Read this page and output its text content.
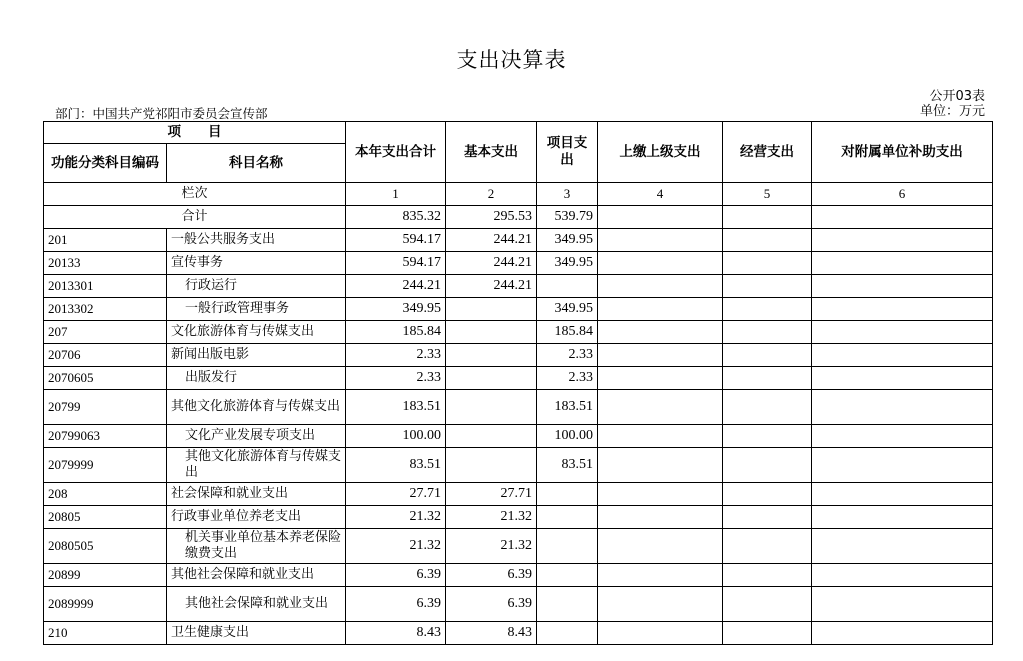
支出决算表
公开03表
单位：万元
部门：中国共产党祁阳市委员会宣传部
项　　目		本年支出合计	基本支出	项目支出	上缴上级支出	经营支出	对附属单位补助支出
功能分类科目编码	科目名称						
栏次		1	2	3	4	5	6
合计		835.32	295.53	539.79			
201	一般公共服务支出	594.17	244.21	349.95			
20133	宣传事务	594.17	244.21	349.95			
2013301	行政运行	244.21	244.21				
2013302	一般行政管理事务	349.95		349.95			
207	文化旅游体育与传媒支出	185.84		185.84			
20706	新闻出版电影	2.33		2.33			
2070605	出版发行	2.33		2.33			
20799	其他文化旅游体育与传媒支出	183.51		183.51			
20799063	文化产业发展专项支出	100.00		100.00			
2079999	其他文化旅游体育与传媒支出	83.51		83.51			
208	社会保障和就业支出	27.71	27.71				
20805	行政事业单位养老支出	21.32	21.32				
2080505	机关事业单位基本养老保险缴费支出	21.32	21.32				
20899	其他社会保障和就业支出	6.39	6.39				
2089999	其他社会保障和就业支出	6.39	6.39				
210	卫生健康支出	8.43	8.43				
